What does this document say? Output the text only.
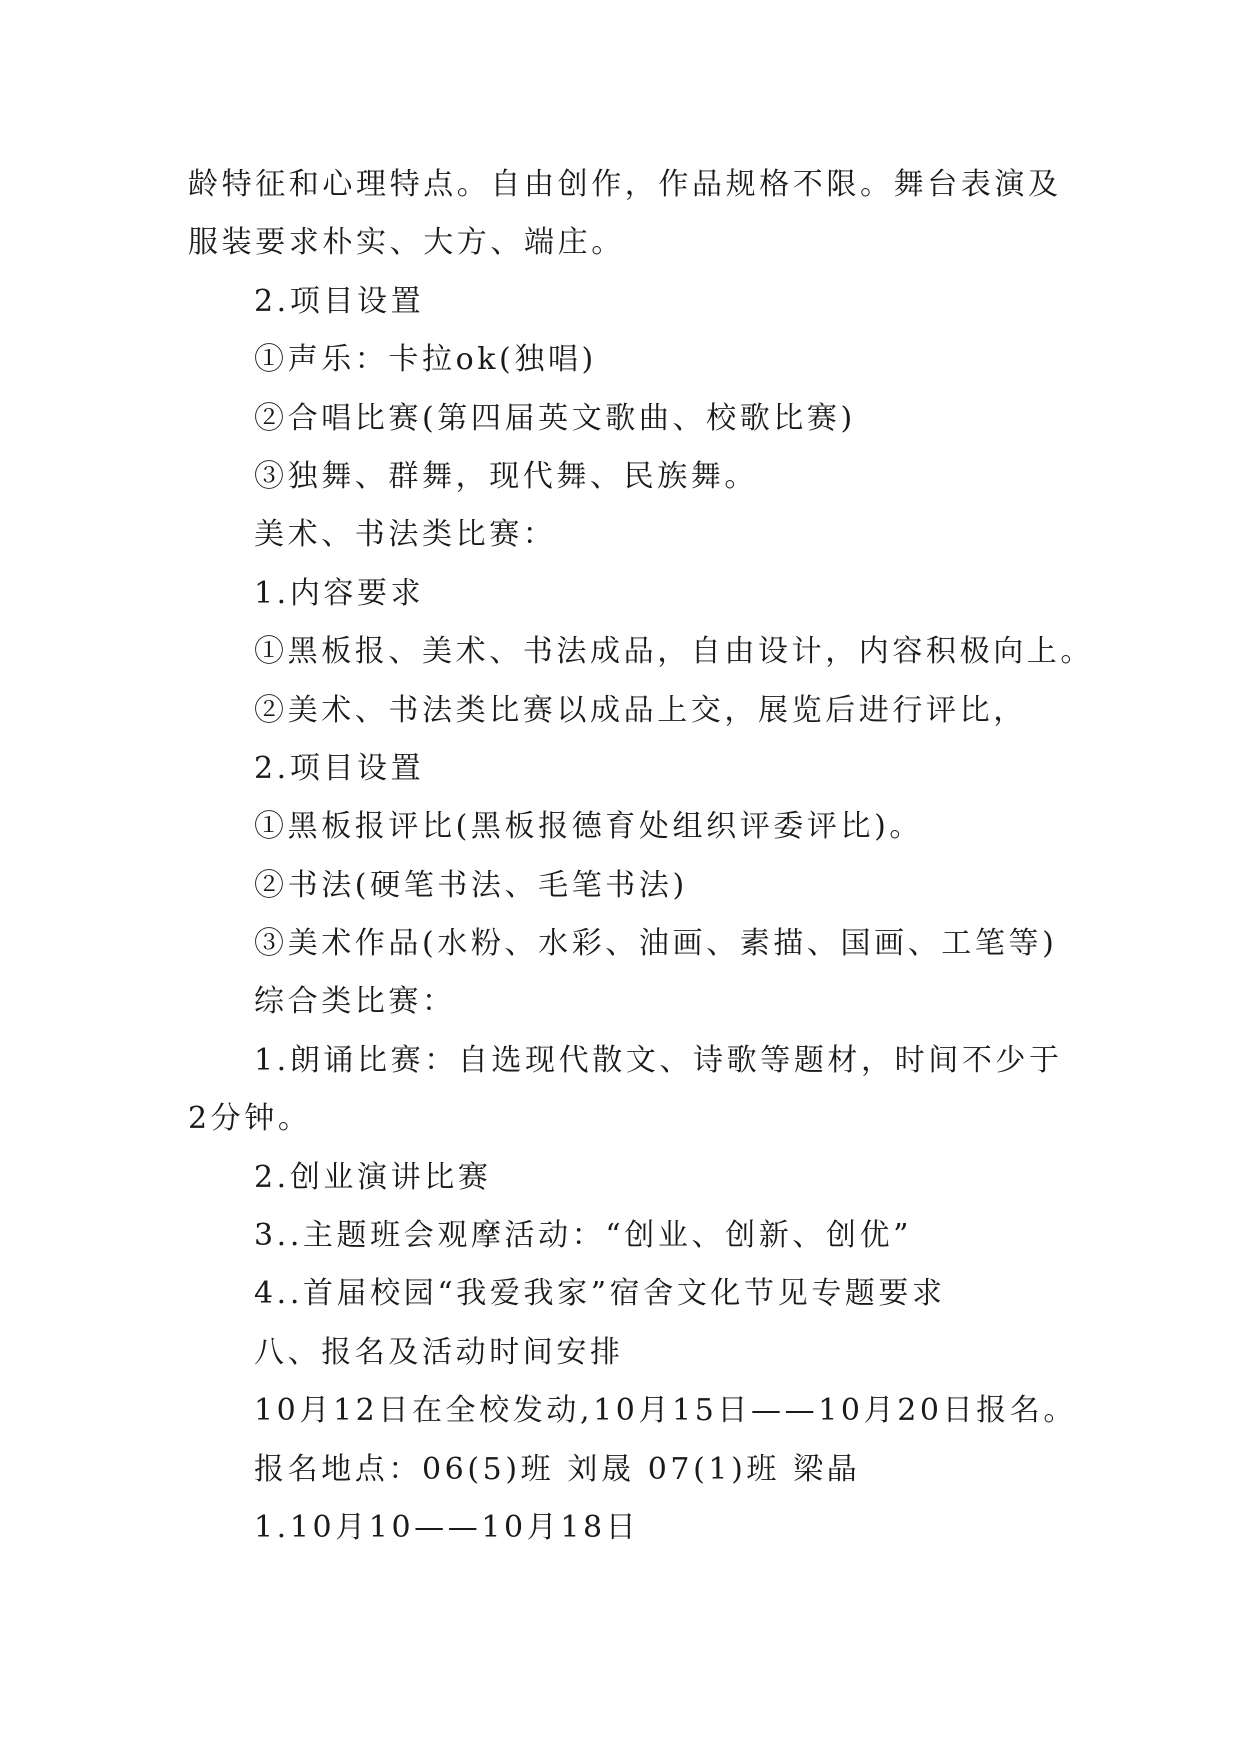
龄特征和心理特点。自由创作，作品规格不限。舞台表演及
服装要求朴实、大方、端庄。
2.项目设置
①声乐：卡拉ok(独唱)
②合唱比赛(第四届英文歌曲、校歌比赛)
③独舞、群舞，现代舞、民族舞。
美术、书法类比赛：
1.内容要求
①黑板报、美术、书法成品，自由设计，内容积极向上。
②美术、书法类比赛以成品上交，展览后进行评比，
2.项目设置
①黑板报评比(黑板报德育处组织评委评比)。
②书法(硬笔书法、毛笔书法)
③美术作品(水粉、水彩、油画、素描、国画、工笔等)
综合类比赛：
1.朗诵比赛：自选现代散文、诗歌等题材，时间不少于
2分钟。
2.创业演讲比赛
3..主题班会观摩活动：“创业、创新、创优”
4..首届校园“我爱我家”宿舍文化节见专题要求
八、报名及活动时间安排
10月12日在全校发动,10月15日——10月20日报名。
报名地点：06(5)班 刘晟 07(1)班 梁晶
1.10月10——10月18日
